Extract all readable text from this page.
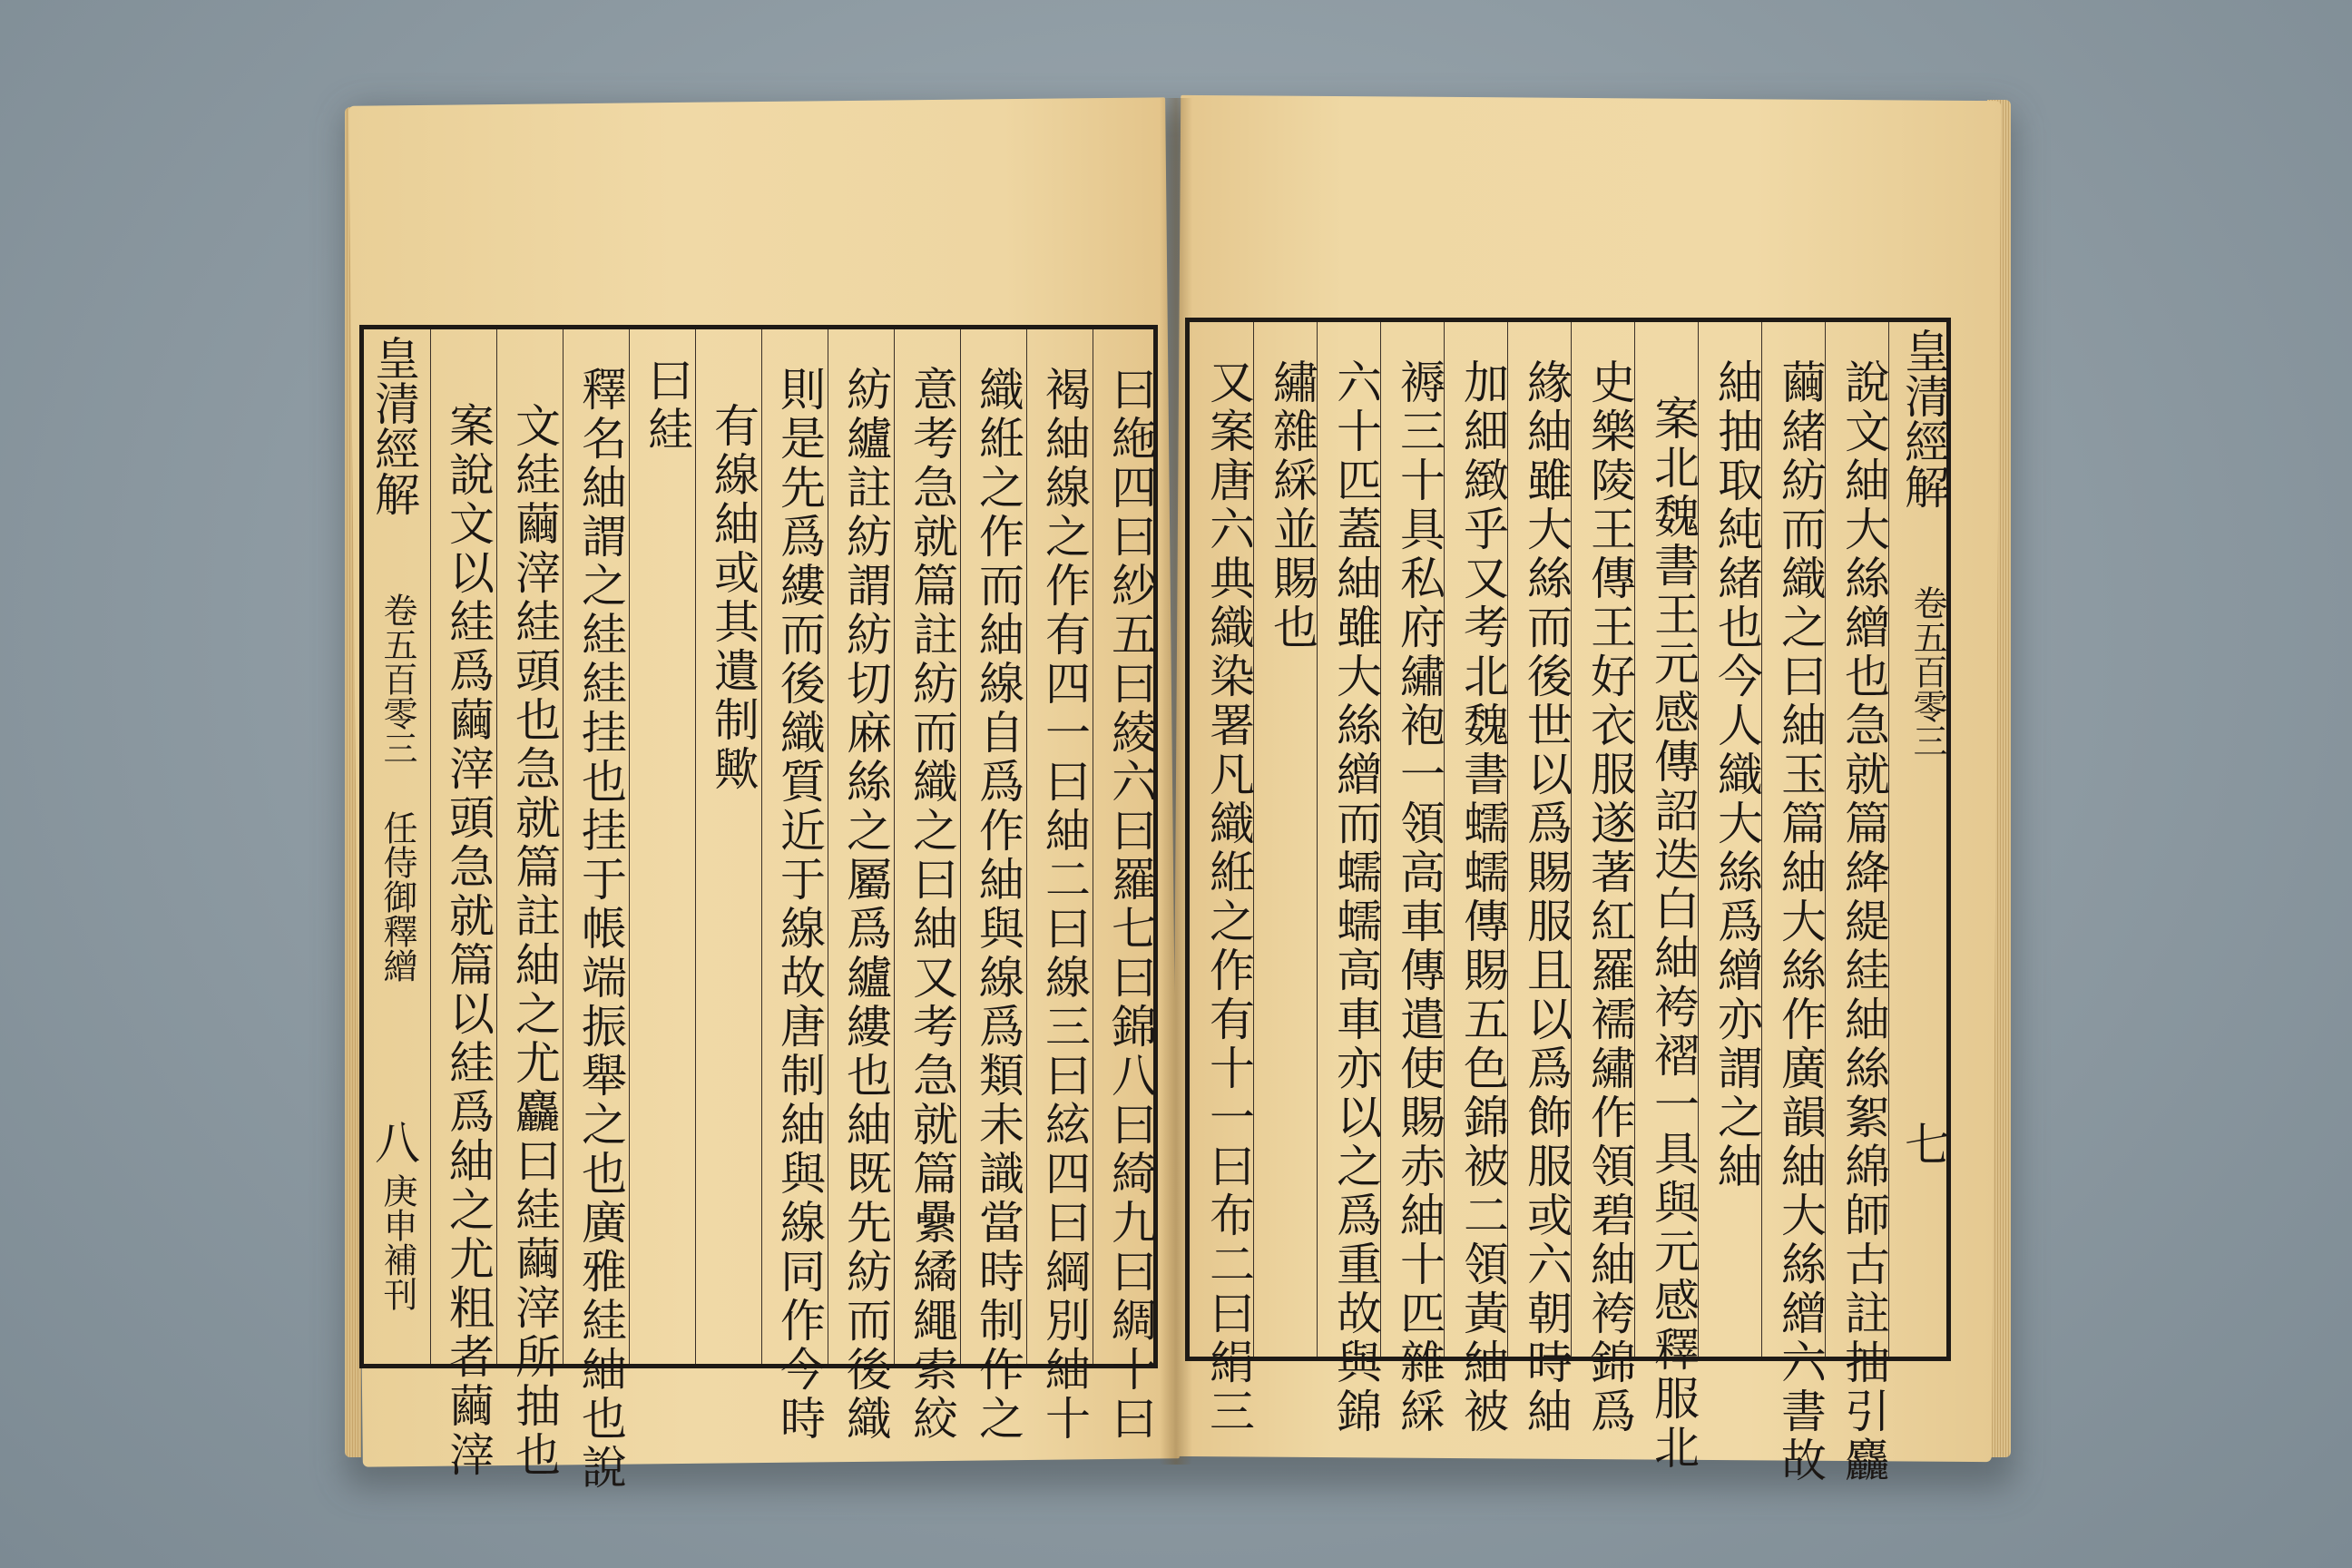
曰絁四曰紗五曰綾六曰羅七曰錦八曰綺九曰綢十曰
褐紬線之作有四一曰紬二曰線三曰絃四曰綱別紬十
織絍之作而紬線自爲作紬與線爲類未識當時制作之
意考急就篇註紡而織之曰紬又考急就篇纍繘繩索絞
紡纑註紡謂紡切麻絲之屬爲纑縷也紬既先紡而後織
則是先爲縷而後織質近于線故唐制紬與線同作今時
有線紬或其遺制歟
曰絓
釋名紬謂之絓絓挂也挂于帳端振舉之也廣雅絓紬也說
文絓繭滓絓頭也急就篇註紬之尤麤曰絓繭滓所抽也
案說文以絓爲繭滓頭急就篇以絓爲紬之尤粗者繭滓
皇清經解
卷五百零三
任侍御釋繒
八
庚申補刊	說文紬大絲繒也急就篇絳緹絓紬絲絮綿師古註抽引麤
繭緒紡而織之曰紬玉篇紬大絲作廣韻紬大絲繒六書故
紬抽取純緒也今人織大絲爲繒亦謂之紬
案北魏書王元感傳詔迭白紬袴褶一具與元感釋服北
史樂陵王傳王好衣服遂著紅羅襦繡作領碧紬袴錦爲
緣紬雖大絲而後世以爲賜服且以爲飾服或六朝時紬
加細緻乎又考北魏書蠕蠕傳賜五色錦被二領黃紬被
褥三十具私府繡袍一領高車傳遣使賜赤紬十匹雜綵
六十匹蓋紬雖大絲繒而蠕蠕高車亦以之爲重故與錦
繡雜綵並賜也
又案唐六典織染署凡織絍之作有十一曰布二曰絹三	皇清經解
卷五百零三
七
